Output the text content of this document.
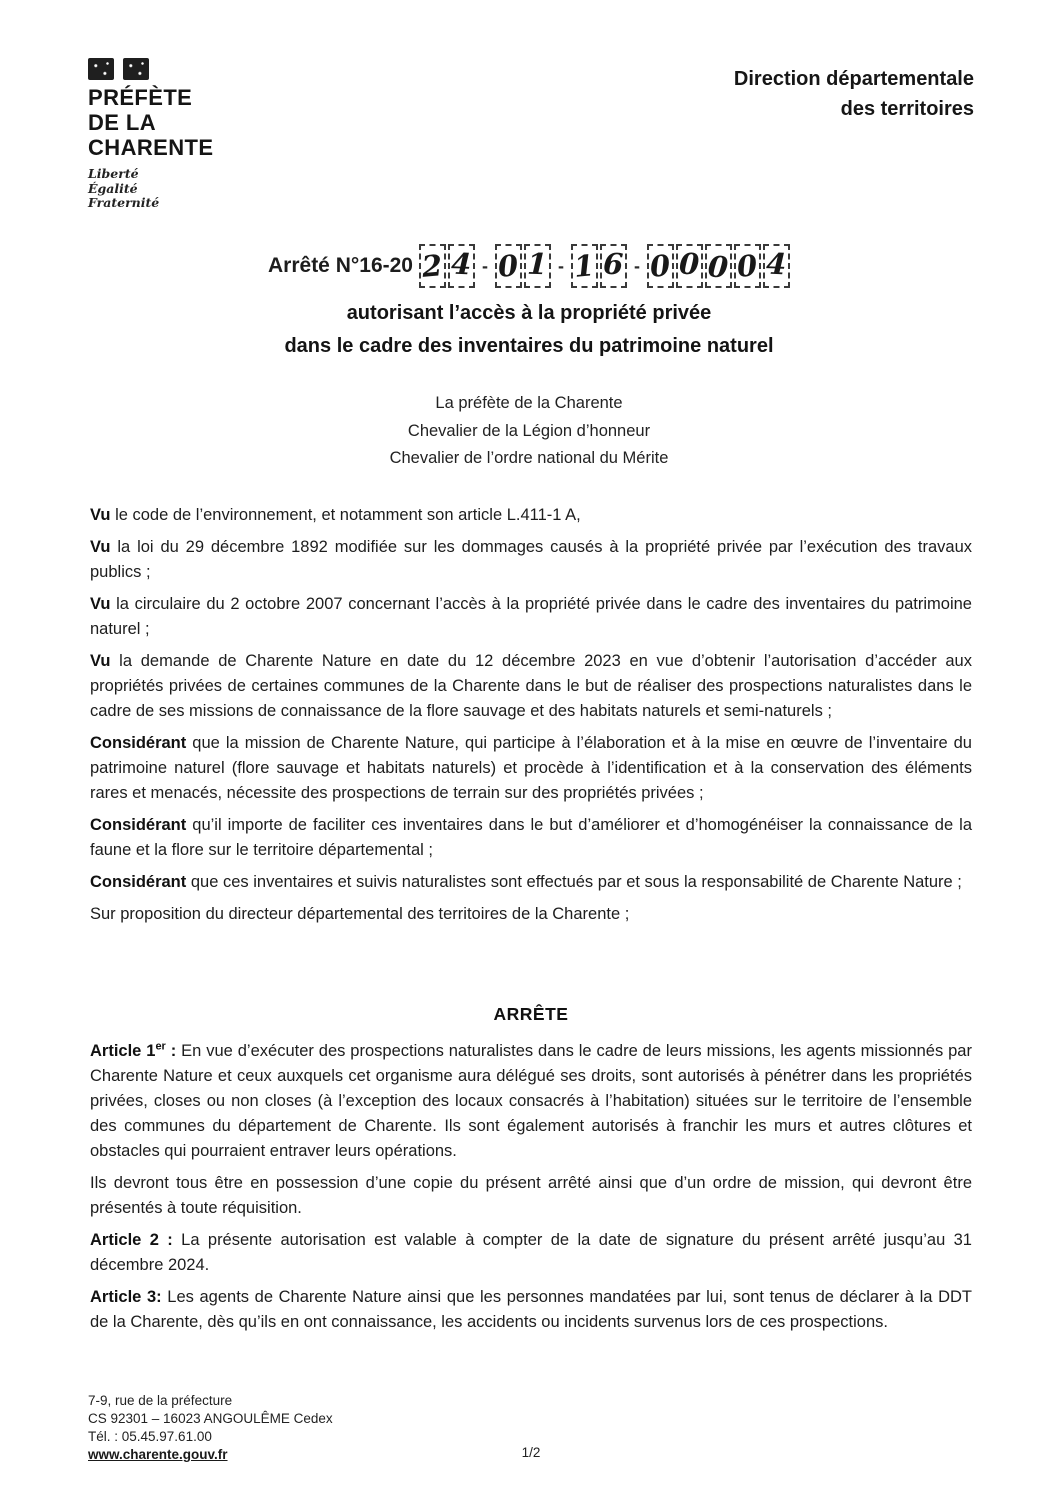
PRÉFÈTE
DE LA
CHARENTE
Liberté
Égalité
Fraternité
Direction départementale
des territoires
Arrêté N°16-20 2 4 - 0 1 - 1 6 - 0 0 0 0 4
autorisant l’accès à la propriété privée
dans le cadre des inventaires du patrimoine naturel
La préfète de la Charente
Chevalier de la Légion d’honneur
Chevalier de l’ordre national du Mérite

Vu le code de l’environnement, et notamment son article L.411-1 A,

Vu la loi du 29 décembre 1892 modifiée sur les dommages causés à la propriété privée par l’exécution des travaux publics ;

Vu la circulaire du 2 octobre 2007 concernant l’accès à la propriété privée dans le cadre des inventaires du patrimoine naturel ;

Vu la demande de Charente Nature en date du 12 décembre 2023 en vue d’obtenir l’autorisation d’accéder aux propriétés privées de certaines communes de la Charente dans le but de réaliser des prospections naturalistes dans le cadre de ses missions de connaissance de la flore sauvage et des habitats naturels et semi-naturels ;

Considérant que la mission de Charente Nature, qui participe à l’élaboration et à la mise en œuvre de l’inventaire du patrimoine naturel (flore sauvage et habitats naturels) et procède à l’identification et à la conservation des éléments rares et menacés, nécessite des prospections de terrain sur des propriétés privées ;

Considérant qu’il importe de faciliter ces inventaires dans le but d’améliorer et d’homogénéiser la connaissance de la faune et la flore sur le territoire départemental ;

Considérant que ces inventaires et suivis naturalistes sont effectués par et sous la responsabilité de Charente Nature ;

Sur proposition du directeur départemental des territoires de la Charente ;

ARRÊTE

Article 1er : En vue d’exécuter des prospections naturalistes dans le cadre de leurs missions, les agents missionnés par Charente Nature et ceux auxquels cet organisme aura délégué ses droits, sont autorisés à pénétrer dans les propriétés privées, closes ou non closes (à l’exception des locaux consacrés à l’habitation) situées sur le territoire de l’ensemble des communes du département de Charente. Ils sont également autorisés à franchir les murs et autres clôtures et obstacles qui pourraient entraver leurs opérations.

Ils devront tous être en possession d’une copie du présent arrêté ainsi que d’un ordre de mission, qui devront être présentés à toute réquisition.

Article 2 : La présente autorisation est valable à compter de la date de signature du présent arrêté jusqu’au 31 décembre 2024.

Article 3: Les agents de Charente Nature ainsi que les personnes mandatées par lui, sont tenus de déclarer à la DDT de la Charente, dès qu’ils en ont connaissance, les accidents ou incidents survenus lors de ces prospections.

7-9, rue de la préfecture
CS 92301 – 16023 ANGOULÊME Cedex
Tél. : 05.45.97.61.00
www.charente.gouv.fr	1/2
